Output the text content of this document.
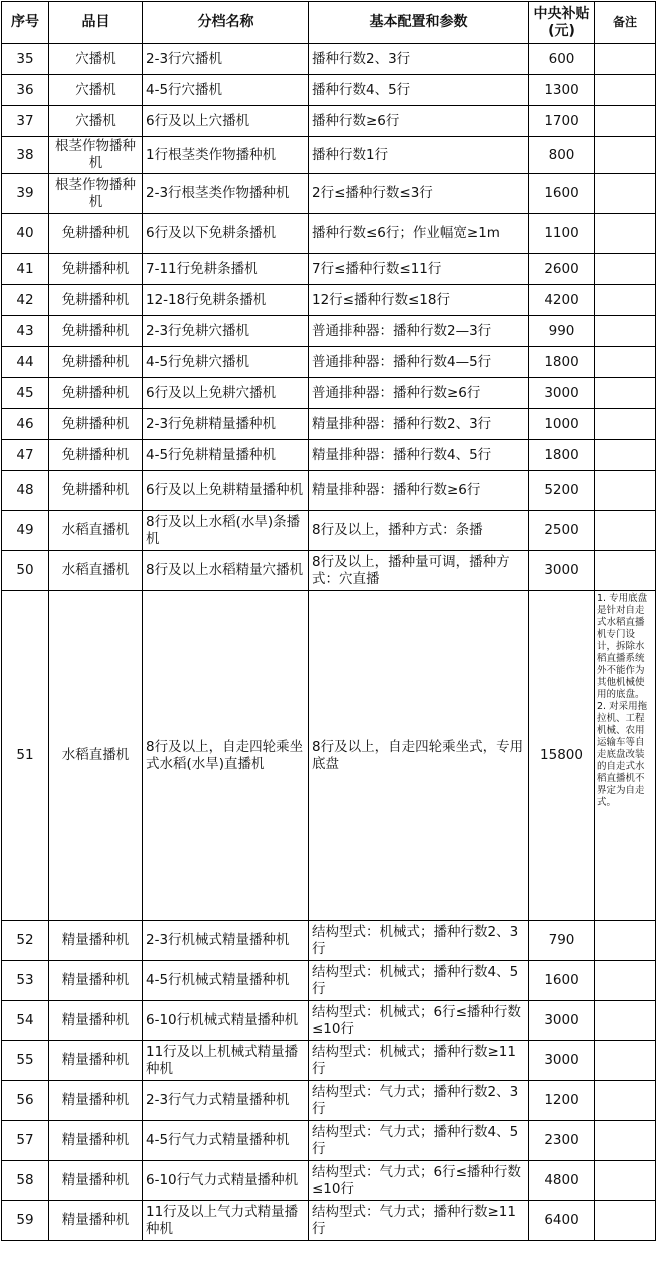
序号	品目	分档名称	基本配置和参数	中央补贴(元)	备注
35	穴播机	2-3行穴播机	播种行数2、3行	600	
36	穴播机	4-5行穴播机	播种行数4、5行	1300	
37	穴播机	6行及以上穴播机	播种行数≥6行	1700	
38	根茎作物播种机	1行根茎类作物播种机	播种行数1行	800	
39	根茎作物播种机	2-3行根茎类作物播种机	2行≤播种行数≤3行	1600	
40	免耕播种机	6行及以下免耕条播机	播种行数≤6行；作业幅宽≥1m	1100	
41	免耕播种机	7-11行免耕条播机	7行≤播种行数≤11行	2600	
42	免耕播种机	12-18行免耕条播机	12行≤播种行数≤18行	4200	
43	免耕播种机	2-3行免耕穴播机	普通排种器：播种行数2—3行	990	
44	免耕播种机	4-5行免耕穴播机	普通排种器：播种行数4—5行	1800	
45	免耕播种机	6行及以上免耕穴播机	普通排种器：播种行数≥6行	3000	
46	免耕播种机	2-3行免耕精量播种机	精量排种器：播种行数2、3行	1000	
47	免耕播种机	4-5行免耕精量播种机	精量排种器：播种行数4、5行	1800	
48	免耕播种机	6行及以上免耕精量播种机	精量排种器：播种行数≥6行	5200	
49	水稻直播机	8行及以上水稻(水旱)条播机	8行及以上，播种方式：条播	2500	
50	水稻直播机	8行及以上水稻精量穴播机	8行及以上，播种量可调，播种方式：穴直播	3000	
51	水稻直播机	8行及以上，自走四轮乘坐式水稻(水旱)直播机	8行及以上，自走四轮乘坐式，专用底盘	15800	1. 专用底盘是针对自走式水稻直播机专门设计，拆除水稻直播系统外不能作为其他机械使用的底盘。 2. 对采用拖拉机、工程机械、农用运输车等自走底盘改装的自走式水稻直播机不界定为自走式。
52	精量播种机	2-3行机械式精量播种机	结构型式：机械式；播种行数2、3行	790	
53	精量播种机	4-5行机械式精量播种机	结构型式：机械式；播种行数4、5行	1600	
54	精量播种机	6-10行机械式精量播种机	结构型式：机械式；6行≤播种行数≤10行	3000	
55	精量播种机	11行及以上机械式精量播种机	结构型式：机械式；播种行数≥11行	3000	
56	精量播种机	2-3行气力式精量播种机	结构型式：气力式；播种行数2、3行	1200	
57	精量播种机	4-5行气力式精量播种机	结构型式：气力式；播种行数4、5行	2300	
58	精量播种机	6-10行气力式精量播种机	结构型式：气力式；6行≤播种行数≤10行	4800	
59	精量播种机	11行及以上气力式精量播种机	结构型式：气力式；播种行数≥11行	6400	
